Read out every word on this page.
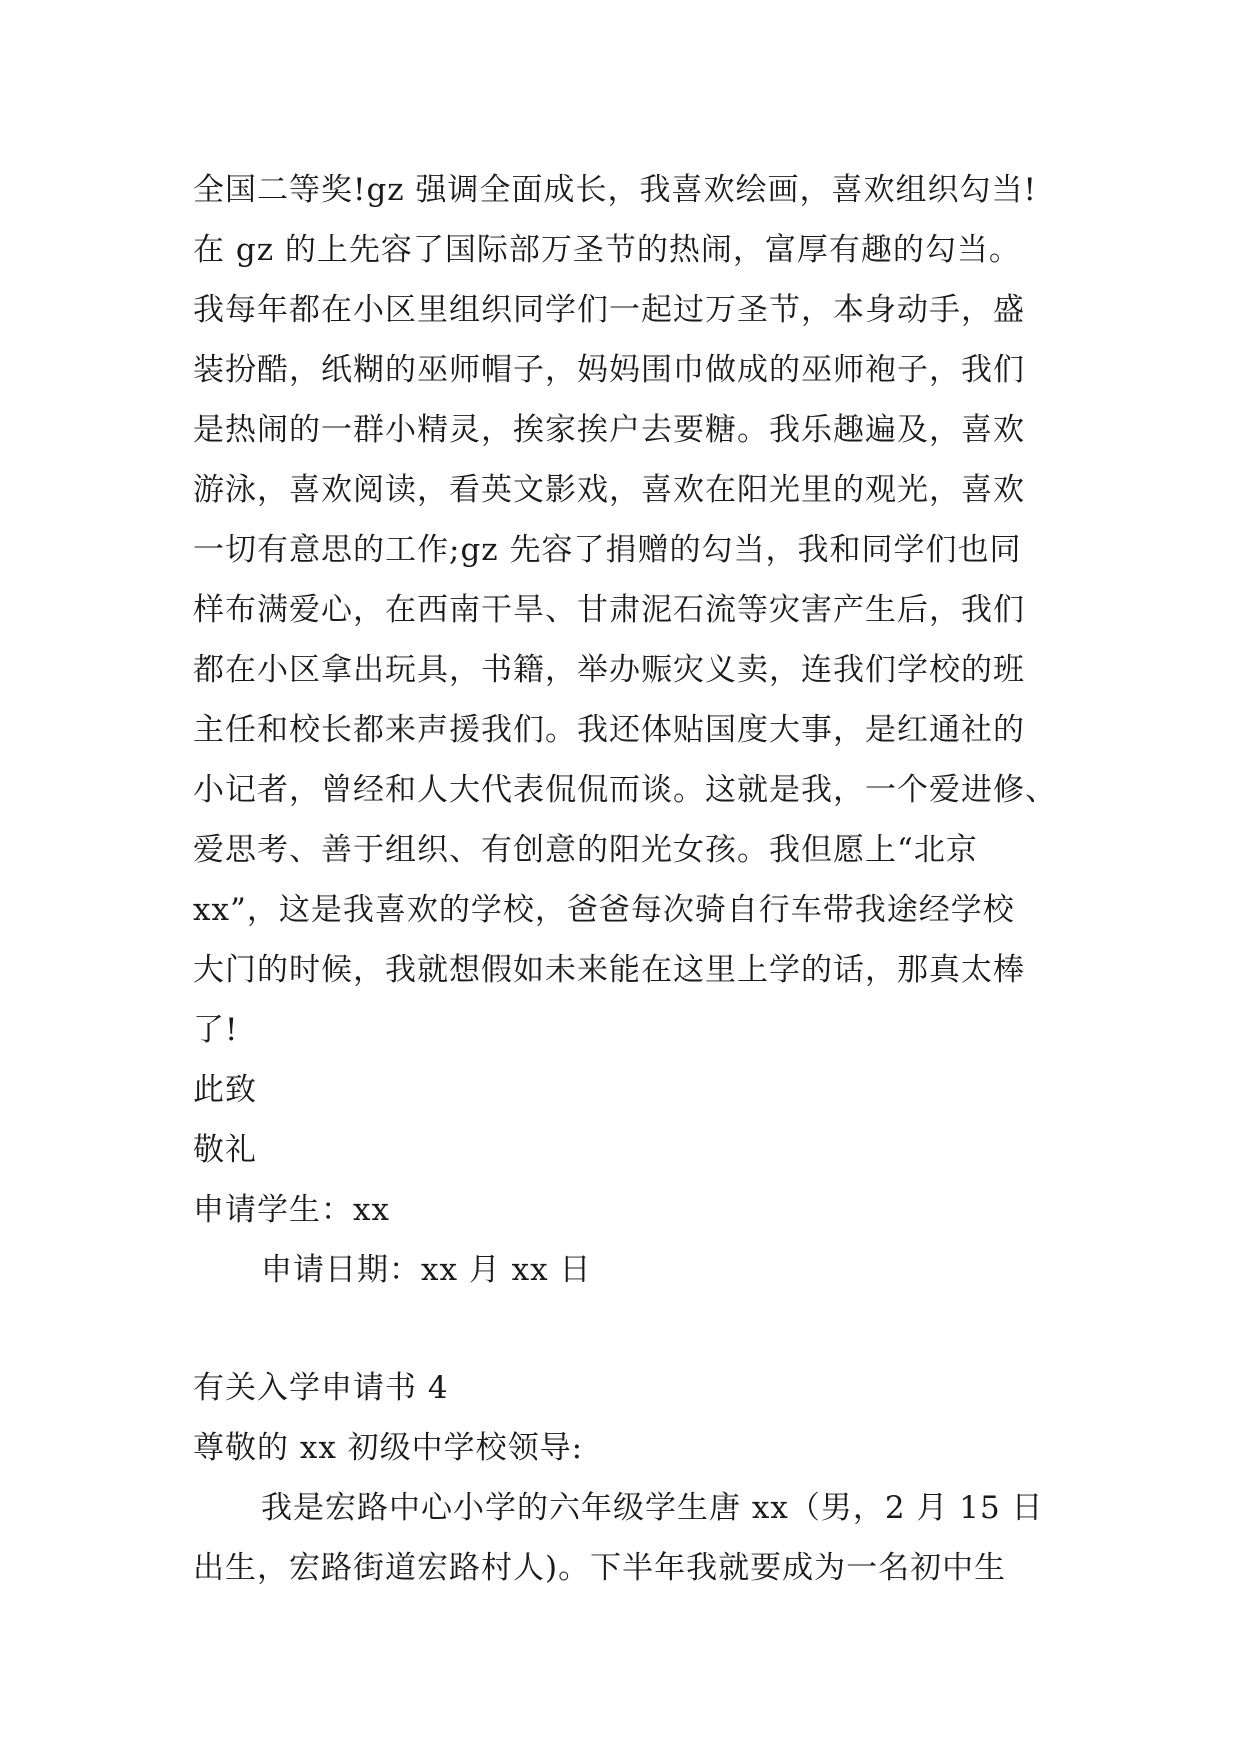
全国二等奖!gz 强调全面成长，我喜欢绘画，喜欢组织勾当!
在 gz 的上先容了国际部万圣节的热闹，富厚有趣的勾当。
我每年都在小区里组织同学们一起过万圣节，本身动手，盛
装扮酷，纸糊的巫师帽子，妈妈围巾做成的巫师袍子，我们
是热闹的一群小精灵，挨家挨户去要糖。我乐趣遍及，喜欢
游泳，喜欢阅读，看英文影戏，喜欢在阳光里的观光，喜欢
一切有意思的工作;gz 先容了捐赠的勾当，我和同学们也同
样布满爱心，在西南干旱、甘肃泥石流等灾害产生后，我们
都在小区拿出玩具，书籍，举办赈灾义卖，连我们学校的班
主任和校长都来声援我们。我还体贴国度大事，是红通社的
小记者，曾经和人大代表侃侃而谈。这就是我，一个爱进修、
爱思考、善于组织、有创意的阳光女孩。我但愿上“北京
xx”，这是我喜欢的学校，爸爸每次骑自行车带我途经学校
大门的时候，我就想假如未来能在这里上学的话，那真太棒
了!
此致
敬礼
申请学生：xx
申请日期：xx 月 xx 日
有关入学申请书 4
尊敬的 xx 初级中学校领导:
我是宏路中心小学的六年级学生唐 xx（男，2 月 15 日
出生，宏路街道宏路村人)。下半年我就要成为一名初中生
